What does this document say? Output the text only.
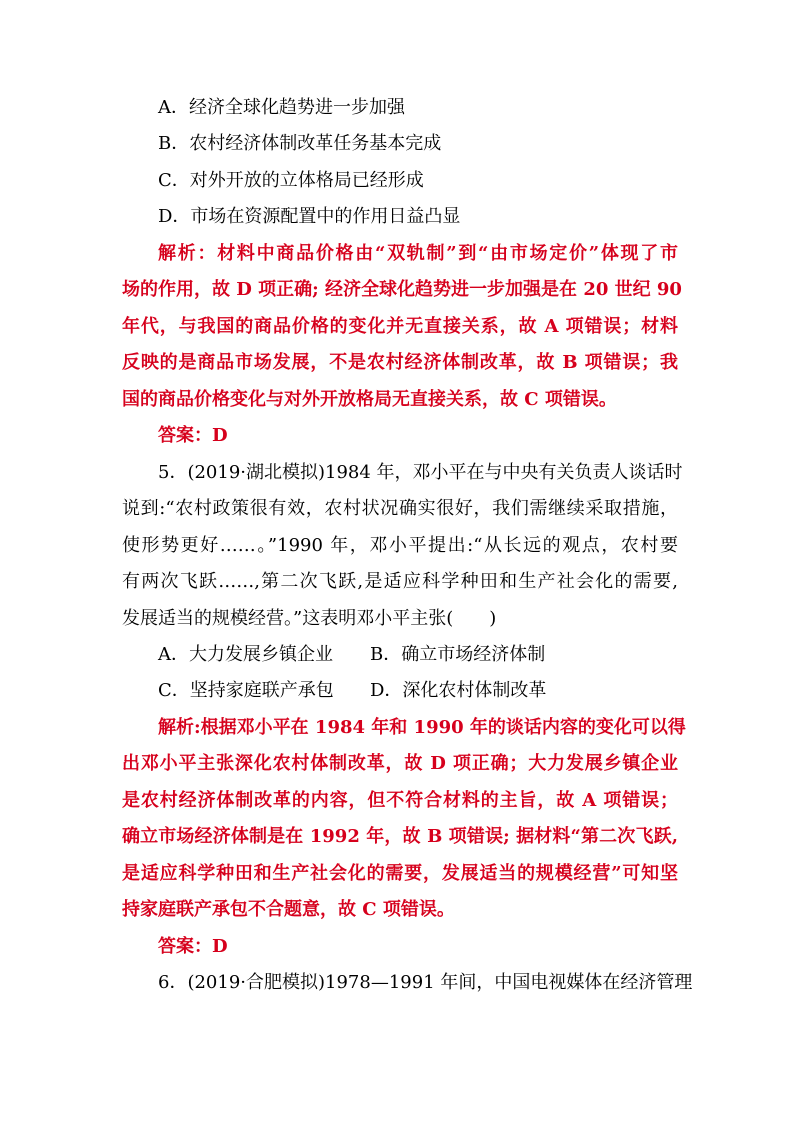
A．经济全球化趋势进一步加强
B．农村经济体制改革任务基本完成
C．对外开放的立体格局已经形成
D．市场在资源配置中的作用日益凸显
解析：材料中商品价格由“双轨制”到“由市场定价”体现了市
场的作用，故 D 项正确; 经济全球化趋势进一步加强是在 20 世纪 90
年代，与我国的商品价格的变化并无直接关系，故 A 项错误；材料
反映的是商品市场发展，不是农村经济体制改革，故 B 项错误；我
国的商品价格变化与对外开放格局无直接关系，故 C 项错误。
答案：D
5．(2019·湖北模拟)1984 年，邓小平在与中央有关负责人谈话时
说到:“农村政策很有效，农村状况确实很好，我们需继续采取措施，
使形势更好……。”1990 年，邓小平提出:“从长远的观点，农村要
有两次飞跃……,第二次飞跃,是适应科学种田和生产社会化的需要,
发展适当的规模经营。”这表明邓小平主张(　　)
A．大力发展乡镇企业	B．确立市场经济体制
C．坚持家庭联产承包	D．深化农村体制改革
解析:根据邓小平在 1984 年和 1990 年的谈话内容的变化可以得
出邓小平主张深化农村体制改革，故 D 项正确；大力发展乡镇企业
是农村经济体制改革的内容，但不符合材料的主旨，故 A 项错误；
确立市场经济体制是在 1992 年，故 B 项错误; 据材料“第二次飞跃,
是适应科学种田和生产社会化的需要，发展适当的规模经营”可知坚
持家庭联产承包不合题意，故 C 项错误。
答案：D
6．(2019·合肥模拟)1978—1991 年间，中国电视媒体在经济管理
